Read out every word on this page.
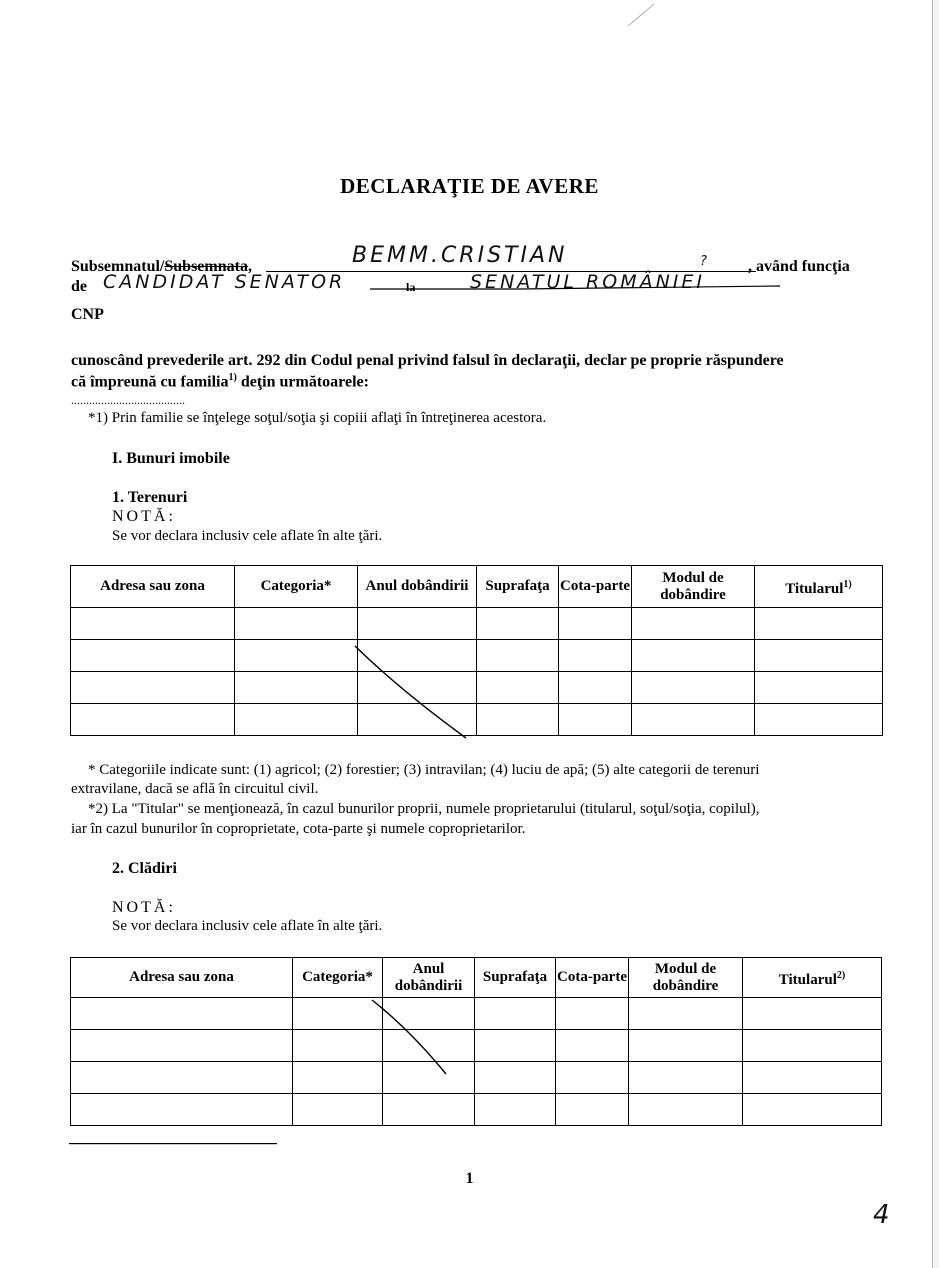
DECLARAŢIE DE AVERE
Subsemnatul/Subsemnata,	BEMM.CRISTIAN	? , având funcţia
de CANDIDAT SENATOR	la	SENATUL ROMÂNIEI
CNP
cunoscând prevederile art. 292 din Codul penal privind falsul în declaraţii, declar pe proprie răspundere
că împreună cu familia$^{1)}$ deţin următoarele:
......................................
*1) Prin familie se înţelege soţul/soţia şi copiii aflaţi în întreţinerea acestora.
I. Bunuri imobile
1. Terenuri
NOTĂ:
Se vor declara inclusiv cele aflate în alte ţări.
Adresa sau zona	Categoria*	Anul dobândirii	Suprafaţa	Cota-parte	Modul de dobândire	Titularul$^{1)}$

* Categoriile indicate sunt: (1) agricol; (2) forestier; (3) intravilan; (4) luciu de apă; (5) alte categorii de terenuri
extravilane, dacă se află în circuitul civil.
*2) La "Titular" se menţionează, în cazul bunurilor proprii, numele proprietarului (titularul, soţul/soţia, copilul),
iar în cazul bunurilor în coproprietate, cota-parte şi numele coproprietarilor.
2. Clădiri
NOTĂ:
Se vor declara inclusiv cele aflate în alte ţări.
Adresa sau zona	Categoria*	Anul dobândirii	Suprafaţa	Cota-parte	Modul de dobândire	Titularul$^{2)}$

1
4
